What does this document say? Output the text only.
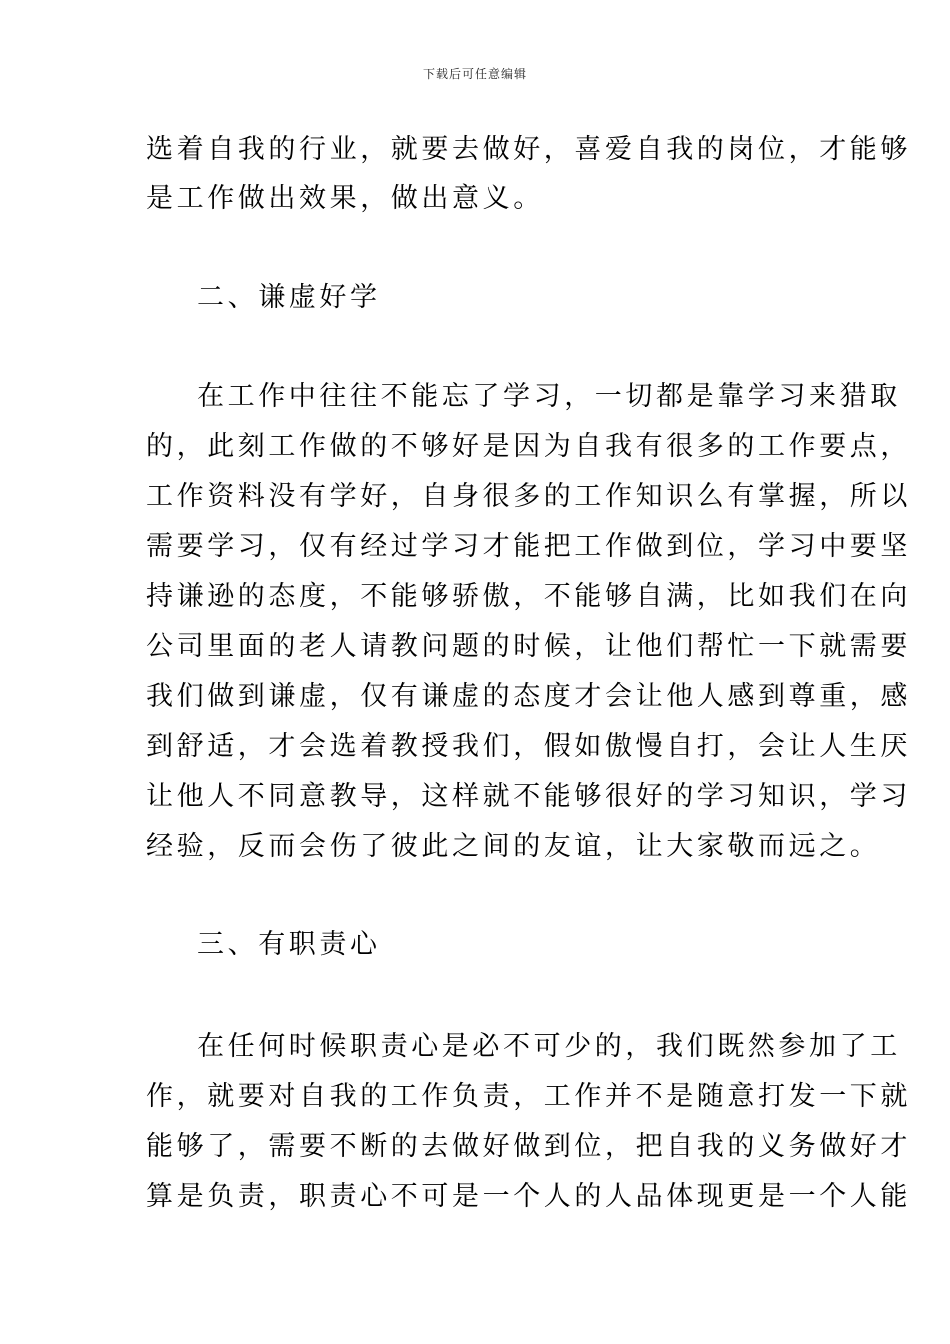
下载后可任意编辑
选着自我的行业，就要去做好，喜爱自我的岗位，才能够
是工作做出效果，做出意义。
二、谦虚好学
在工作中往往不能忘了学习，一切都是靠学习来猎取
的，此刻工作做的不够好是因为自我有很多的工作要点，
工作资料没有学好，自身很多的工作知识么有掌握，所以
需要学习，仅有经过学习才能把工作做到位，学习中要坚
持谦逊的态度，不能够骄傲，不能够自满，比如我们在向
公司里面的老人请教问题的时候，让他们帮忙一下就需要
我们做到谦虚，仅有谦虚的态度才会让他人感到尊重，感
到舒适，才会选着教授我们，假如傲慢自打，会让人生厌
让他人不同意教导，这样就不能够很好的学习知识，学习
经验，反而会伤了彼此之间的友谊，让大家敬而远之。
三、有职责心
在任何时候职责心是必不可少的，我们既然参加了工
作，就要对自我的工作负责，工作并不是随意打发一下就
能够了，需要不断的去做好做到位，把自我的义务做好才
算是负责，职责心不可是一个人的人品体现更是一个人能
